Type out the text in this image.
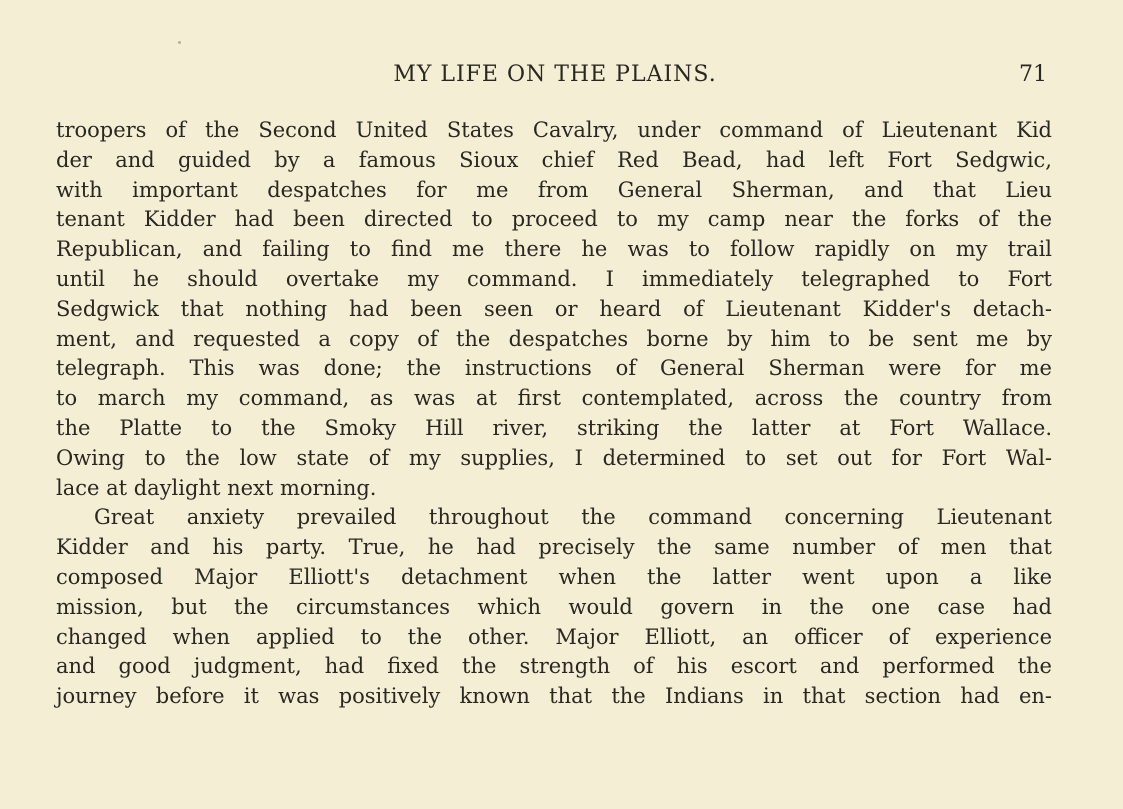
MY LIFE ON THE PLAINS.	71
troopers of the Second United States Cavalry, under command of Lieutenant Kid
der and guided by a famous Sioux chief Red Bead, had left Fort Sedgwic,
with important despatches for me from General Sherman, and that Lieu
tenant Kidder had been directed to proceed to my camp near the forks of the
Republican, and failing to find me there he was to follow rapidly on my trail
until he should overtake my command. I immediately telegraphed to Fort
Sedgwick that nothing had been seen or heard of Lieutenant Kidder's detach-
ment, and requested a copy of the despatches borne by him to be sent me by
telegraph. This was done; the instructions of General Sherman were for me
to march my command, as was at first contemplated, across the country from
the Platte to the Smoky Hill river, striking the latter at Fort Wallace.
Owing to the low state of my supplies, I determined to set out for Fort Wal-
lace at daylight next morning.
Great anxiety prevailed throughout the command concerning Lieutenant
Kidder and his party. True, he had precisely the same number of men that
composed Major Elliott's detachment when the latter went upon a like
mission, but the circumstances which would govern in the one case had
changed when applied to the other. Major Elliott, an officer of experience
and good judgment, had fixed the strength of his escort and performed the
journey before it was positively known that the Indians in that section had en-
